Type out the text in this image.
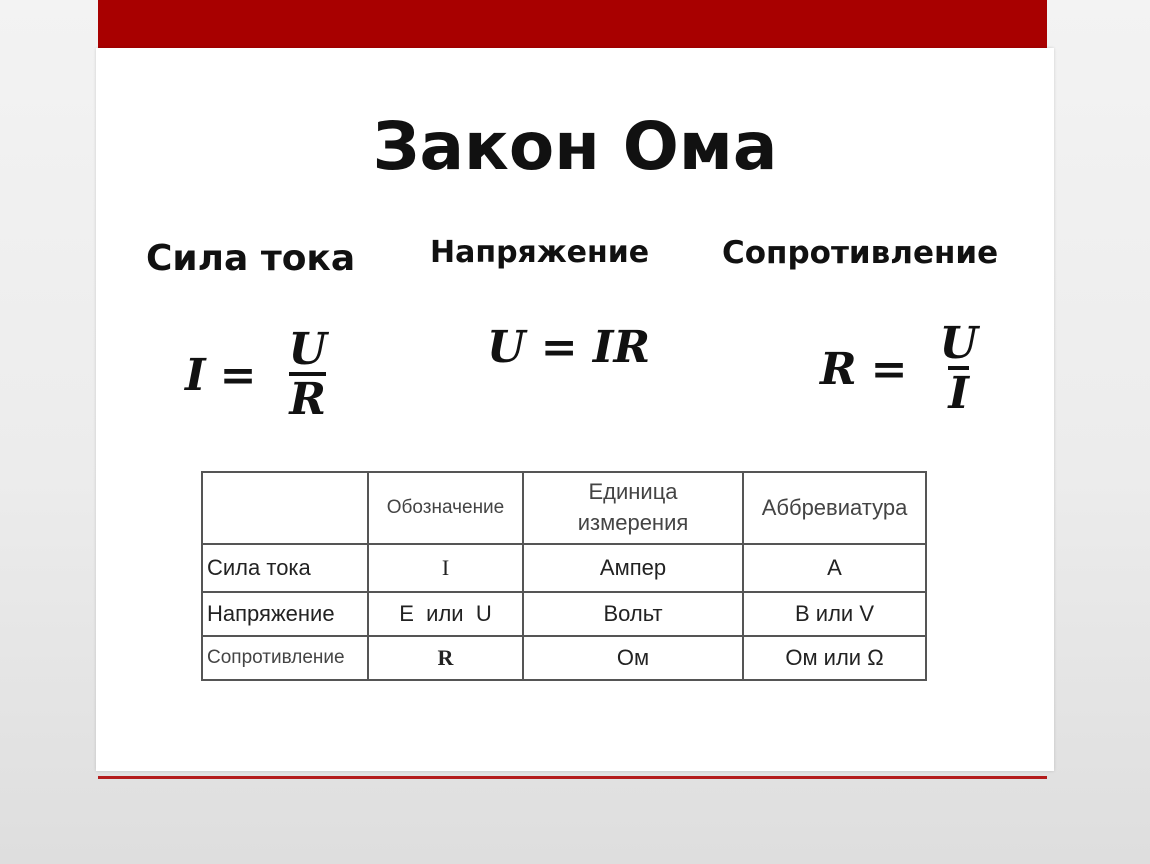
Закон Ома
Сила тока Напряжение Сопротивление
$I = \frac{U}{R}$	U = IR	$R = \frac{U}{I}$
	Обозначение	Единица измерения	Аббревиатура
Сила тока	I	Ампер	А
Напряжение	E  или  U	Вольт	В или V
Сопротивление	R	Ом	Ом или Ω
